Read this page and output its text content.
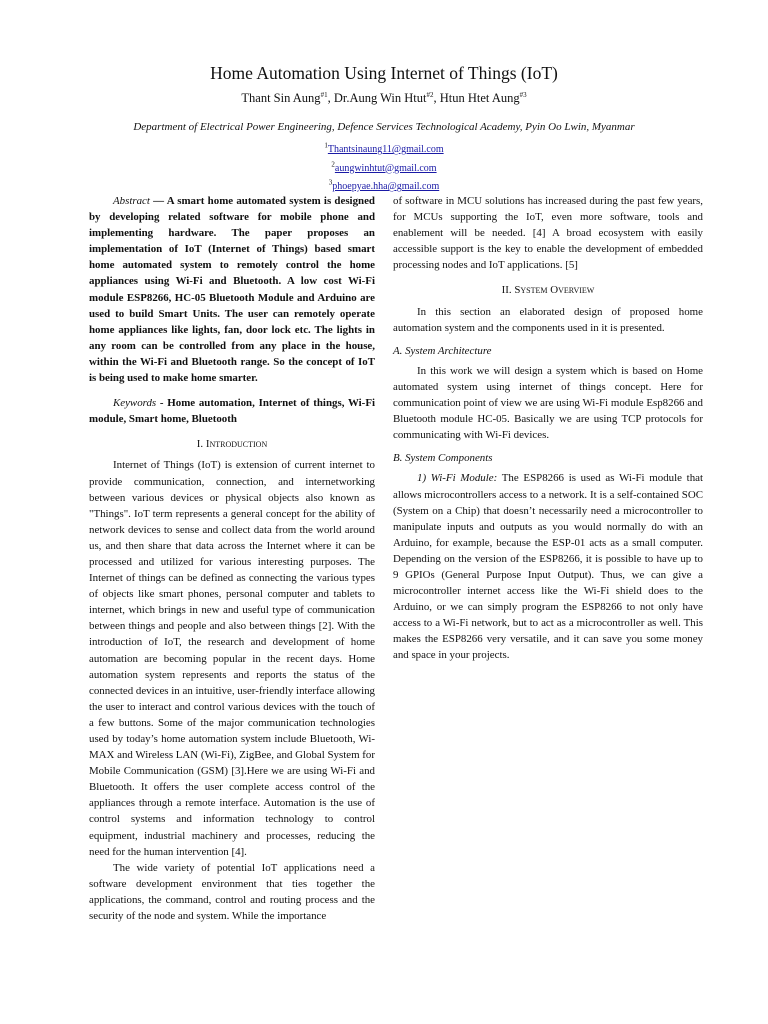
Home Automation Using Internet of Things (IoT)
Thant Sin Aung$^{\#1}$, Dr.Aung Win Htut$^{\#2}$, Htun Htet Aung$^{\#3}$
Department of Electrical Power Engineering, Defence Services Technological Academy, Pyin Oo Lwin, Myanmar
$^1$Thantsinaung11@gmail.com
$^2$aungwinhtut@gmail.com
$^3$phoepyae.hha@gmail.com

Abstract — A smart home automated system is designed by developing related software for mobile phone and implementing hardware. The paper proposes an implementation of IoT (Internet of Things) based smart home automated system to remotely control the home appliances using Wi-Fi and Bluetooth. A low cost Wi-Fi module ESP8266, HC-05 Bluetooth Module and Arduino are used to build Smart Units. The user can remotely operate home appliances like lights, fan, door lock etc. The lights in any room can be controlled from any place in the house, within the Wi-Fi and Bluetooth range. So the concept of IoT is being used to make home smarter.

Keywords - Home automation, Internet of things, Wi-Fi module, Smart home, Bluetooth

I. Introduction

Internet of Things (IoT) is extension of current internet to provide communication, connection, and internetworking between various devices or physical objects also known as "Things". IoT term represents a general concept for the ability of network devices to sense and collect data from the world around us, and then share that data across the Internet where it can be processed and utilized for various interesting purposes. The Internet of things can be defined as connecting the various types of objects like smart phones, personal computer and tablets to internet, which brings in new and useful type of communication between things and people and also between things [2]. With the introduction of IoT, the research and development of home automation are becoming popular in the recent days. Home automation system represents and reports the status of the connected devices in an intuitive, user-friendly interface allowing the user to interact and control various devices with the touch of a few buttons. Some of the major communication technologies used by today’s home automation system include Bluetooth, Wi-MAX and Wireless LAN (Wi-Fi), ZigBee, and Global System for Mobile Communication (GSM) [3].Here we are using Wi-Fi and Bluetooth. It offers the user complete access control of the appliances through a remote interface. Automation is the use of control systems and information technology to control equipment, industrial machinery and processes, reducing the need for the human intervention [4].

The wide variety of potential IoT applications need a software development environment that ties together the applications, the command, control and routing process and the security of the node and system. While the importance

of software in MCU solutions has increased during the past few years, for MCUs supporting the IoT, even more software, tools and enablement will be needed. [4] A broad ecosystem with easily accessible support is the key to enable the development of embedded processing nodes and IoT applications. [5]

II. System Overview

In this section an elaborated design of proposed home automation system and the components used in it is presented.

A. System Architecture

In this work we will design a system which is based on Home automated system using internet of things concept. Here for communication point of view we are using Wi-Fi module Esp8266 and Bluetooth module HC-05. Basically we are using TCP protocols for communicating with Wi-Fi devices.

B. System Components

1) Wi-Fi Module: The ESP8266 is used as Wi-Fi module that allows microcontrollers access to a network. It is a self-contained SOC (System on a Chip) that doesn’t necessarily need a microcontroller to manipulate inputs and outputs as you would normally do with an Arduino, for example, because the ESP-01 acts as a small computer. Depending on the version of the ESP8266, it is possible to have up to 9 GPIOs (General Purpose Input Output). Thus, we can give a microcontroller internet access like the Wi-Fi shield does to the Arduino, or we can simply program the ESP8266 to not only have access to a Wi-Fi network, but to act as a microcontroller as well. This makes the ESP8266 very versatile, and it can save you some money and space in your projects.
